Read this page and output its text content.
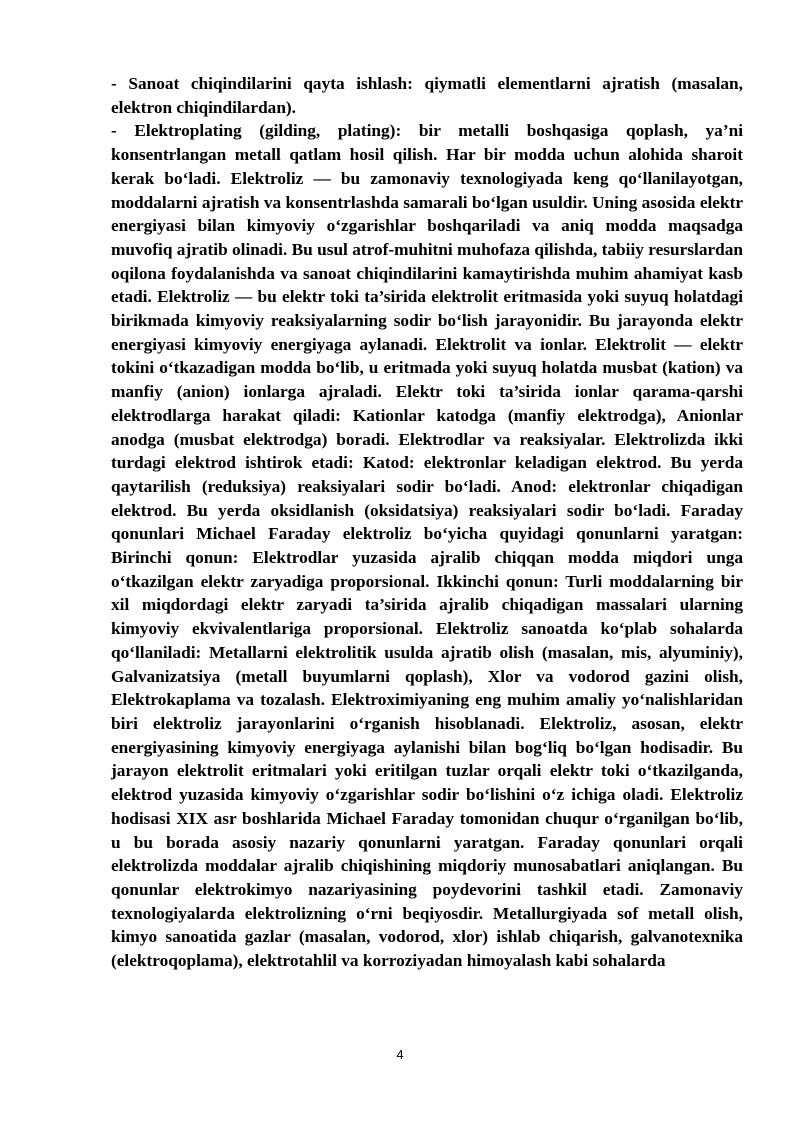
- Sanoat chiqindilarini qayta ishlash: qiymatli elementlarni ajratish (masalan, elektron chiqindilardan).

- Elektroplating (gilding, plating): bir metalli boshqasiga qoplash, ya’ni konsentrlangan metall qatlam hosil qilish. Har bir modda uchun alohida sharoit kerak bo‘ladi. Elektroliz — bu zamonaviy texnologiyada keng qo‘llanilayotgan, moddalarni ajratish va konsentrlashda samarali bo‘lgan usuldir. Uning asosida elektr energiyasi bilan kimyoviy o‘zgarishlar boshqariladi va aniq modda maqsadga muvofiq ajratib olinadi. Bu usul atrof-muhitni muhofaza qilishda, tabiiy resurslardan oqilona foydalanishda va sanoat chiqindilarini kamaytirishda muhim ahamiyat kasb etadi. Elektroliz — bu elektr toki ta’sirida elektrolit eritmasida yoki suyuq holatdagi birikmada kimyoviy reaksiyalarning sodir bo‘lish jarayonidir. Bu jarayonda elektr energiyasi kimyoviy energiyaga aylanadi. Elektrolit va ionlar. Elektrolit — elektr tokini o‘tkazadigan modda bo‘lib, u eritmada yoki suyuq holatda musbat (kation) va manfiy (anion) ionlarga ajraladi. Elektr toki ta’sirida ionlar qarama-qarshi elektrodlarga harakat qiladi: Kationlar katodga (manfiy elektrodga), Anionlar anodga (musbat elektrodga) boradi. Elektrodlar va reaksiyalar. Elektrolizda ikki turdagi elektrod ishtirok etadi: Katod: elektronlar keladigan elektrod. Bu yerda qaytarilish (reduksiya) reaksiyalari sodir bo‘ladi. Anod: elektronlar chiqadigan elektrod. Bu yerda oksidlanish (oksidatsiya) reaksiyalari sodir bo‘ladi. Faraday qonunlari Michael Faraday elektroliz bo‘yicha quyidagi qonunlarni yaratgan: Birinchi qonun: Elektrodlar yuzasida ajralib chiqqan modda miqdori unga o‘tkazilgan elektr zaryadiga proporsional. Ikkinchi qonun: Turli moddalarning bir xil miqdordagi elektr zaryadi ta’sirida ajralib chiqadigan massalari ularning kimyoviy ekvivalentlariga proporsional. Elektroliz sanoatda ko‘plab sohalarda qo‘llaniladi: Metallarni elektrolitik usulda ajratib olish (masalan, mis, alyuminiy), Galvanizatsiya (metall buyumlarni qoplash), Xlor va vodorod gazini olish, Elektrokaplama va tozalash. Elektroximiyaning eng muhim amaliy yo‘nalishlaridan biri elektroliz jarayonlarini o‘rganish hisoblanadi. Elektroliz, asosan, elektr energiyasining kimyoviy energiyaga aylanishi bilan bog‘liq bo‘lgan hodisadir. Bu jarayon elektrolit eritmalari yoki eritilgan tuzlar orqali elektr toki o‘tkazilganda, elektrod yuzasida kimyoviy o‘zgarishlar sodir bo‘lishini o‘z ichiga oladi. Elektroliz hodisasi XIX asr boshlarida Michael Faraday tomonidan chuqur o‘rganilgan bo‘lib, u bu borada asosiy nazariy qonunlarni yaratgan. Faraday qonunlari orqali elektrolizda moddalar ajralib chiqishining miqdoriy munosabatlari aniqlangan. Bu qonunlar elektrokimyo nazariyasining poydevorini tashkil etadi. Zamonaviy texnologiyalarda elektrolizning o‘rni beqiyosdir. Metallurgiyada sof metall olish, kimyo sanoatida gazlar (masalan, vodorod, xlor) ishlab chiqarish, galvanotexnika (elektroqoplama), elektrotahlil va korroziyadan himoyalash kabi sohalarda

4
